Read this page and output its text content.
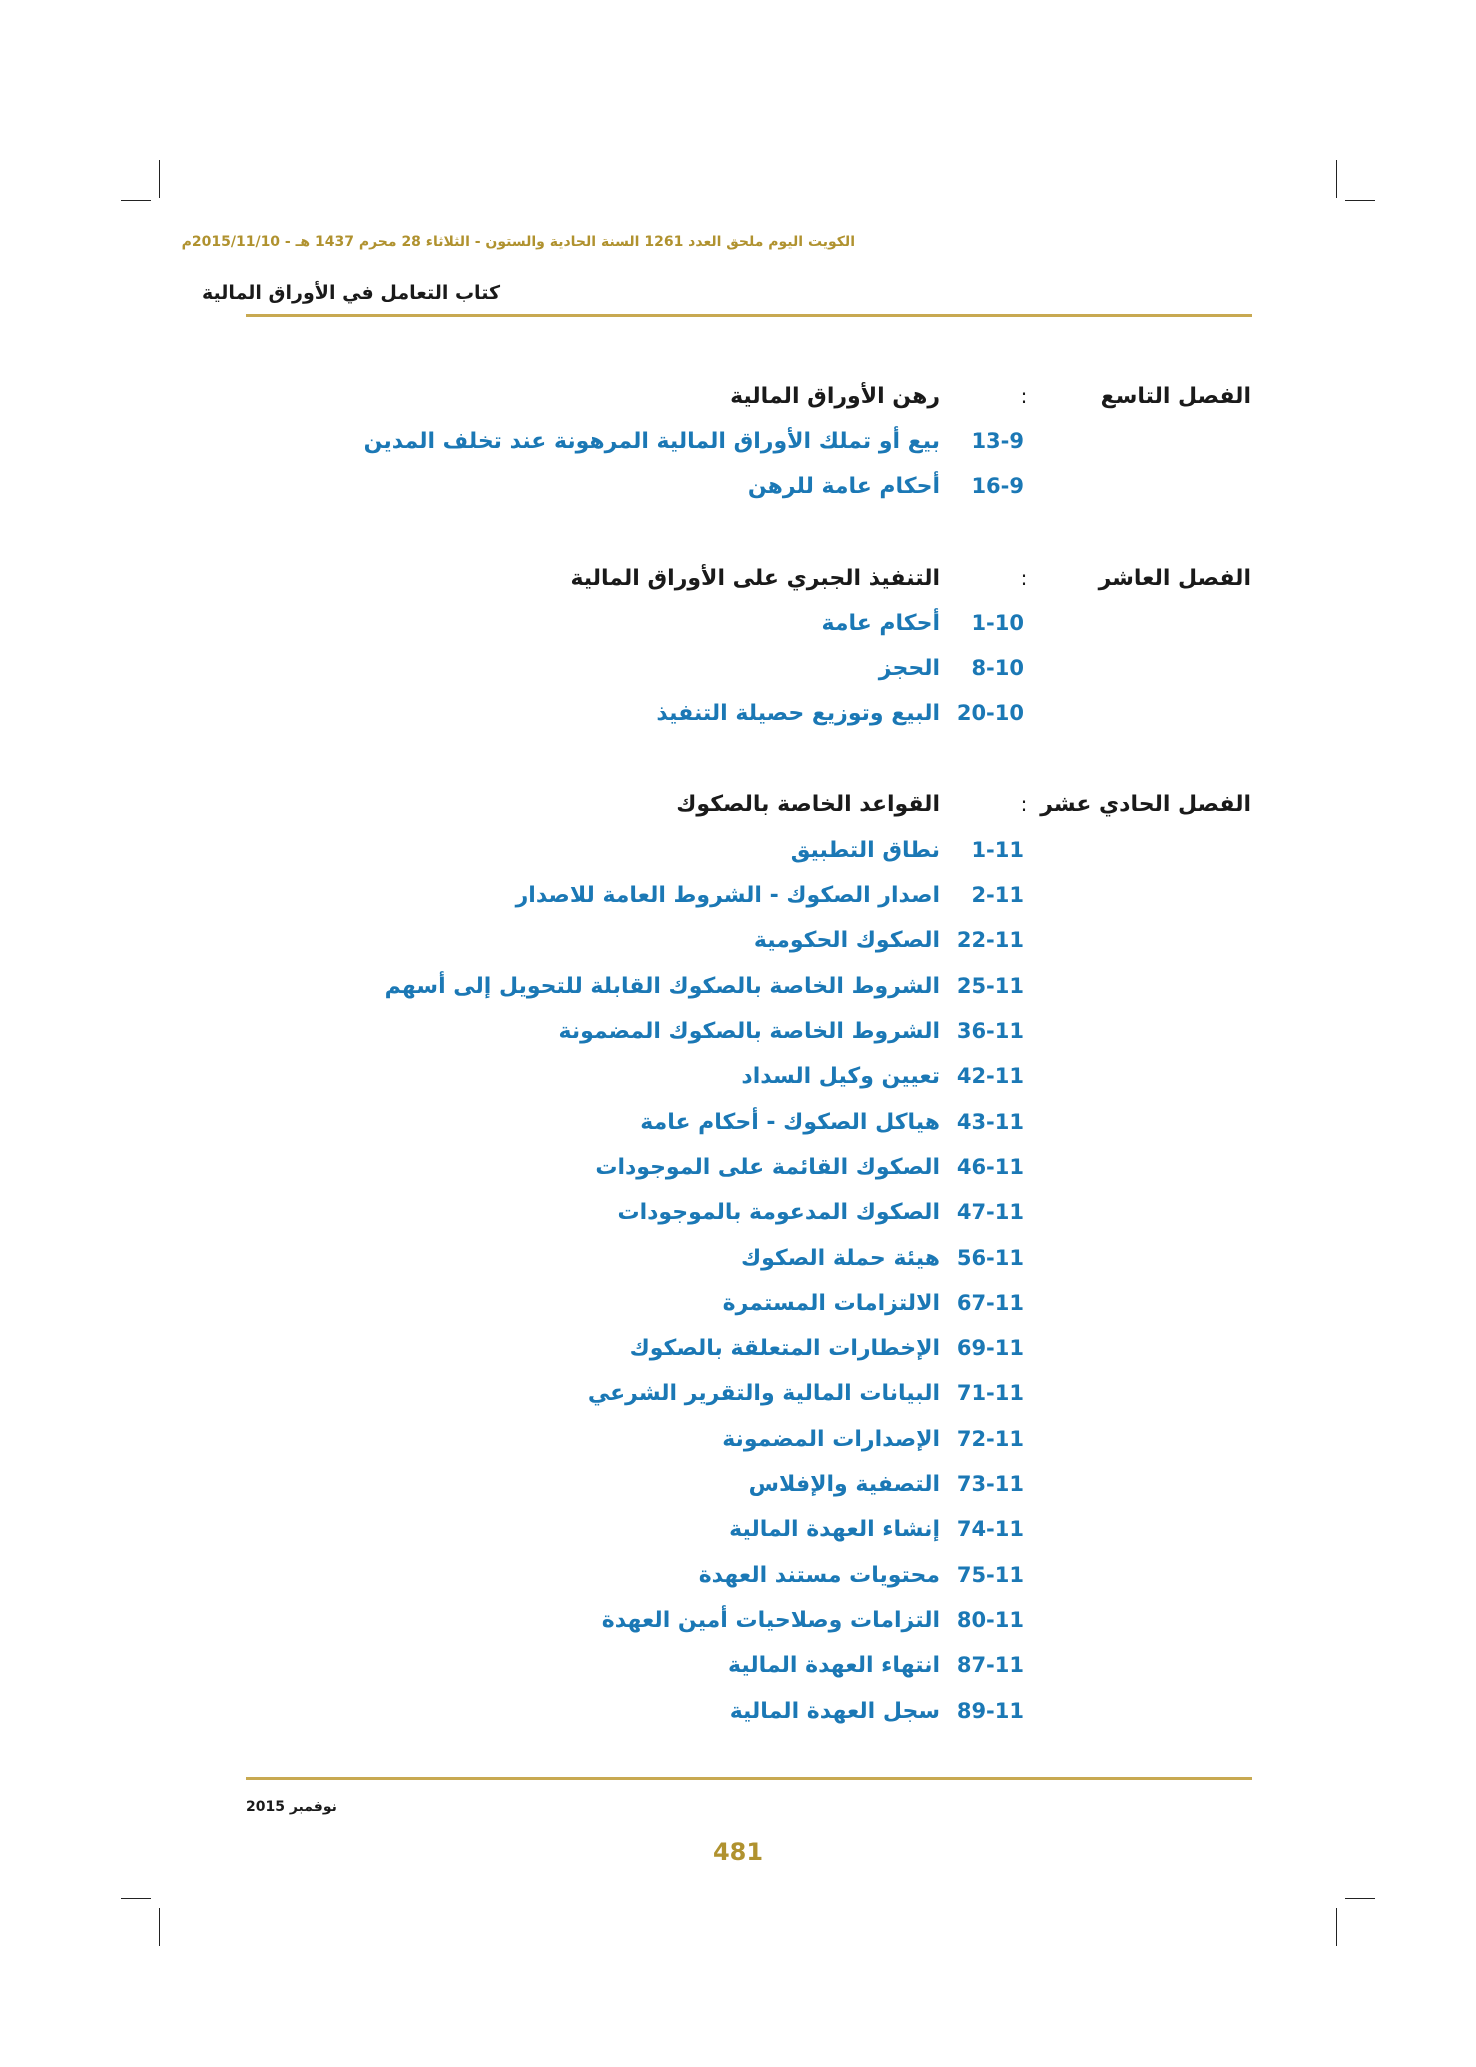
الكويت اليوم ملحق العدد 1261 السنة الحادية والستون - الثلاثاء 28 محرم 1437 هـ - 2015/11/10م
كتاب التعامل في الأوراق المالية
الفصل التاسع
:
رهن الأوراق المالية
13-9
بيع أو تملك الأوراق المالية المرهونة عند تخلف المدين
16-9
أحكام عامة للرهن
الفصل العاشر
:
التنفيذ الجبري على الأوراق المالية
1-10
أحكام عامة
8-10
الحجز
20-10
البيع وتوزيع حصيلة التنفيذ
الفصل الحادي عشر
:
القواعد الخاصة بالصكوك
1-11
نطاق التطبيق
2-11
اصدار الصكوك - الشروط العامة للاصدار
22-11
الصكوك الحكومية
25-11
الشروط الخاصة بالصكوك القابلة للتحويل إلى أسهم
36-11
الشروط الخاصة بالصكوك المضمونة
42-11
تعيين وكيل السداد
43-11
هياكل الصكوك - أحكام عامة
46-11
الصكوك القائمة على الموجودات
47-11
الصكوك المدعومة بالموجودات
56-11
هيئة حملة الصكوك
67-11
الالتزامات المستمرة
69-11
الإخطارات المتعلقة بالصكوك
71-11
البيانات المالية والتقرير الشرعي
72-11
الإصدارات المضمونة
73-11
التصفية والإفلاس
74-11
إنشاء العهدة المالية
75-11
محتويات مستند العهدة
80-11
التزامات وصلاحيات أمين العهدة
87-11
انتهاء العهدة المالية
89-11
سجل العهدة المالية
نوفمبر 2015
481
